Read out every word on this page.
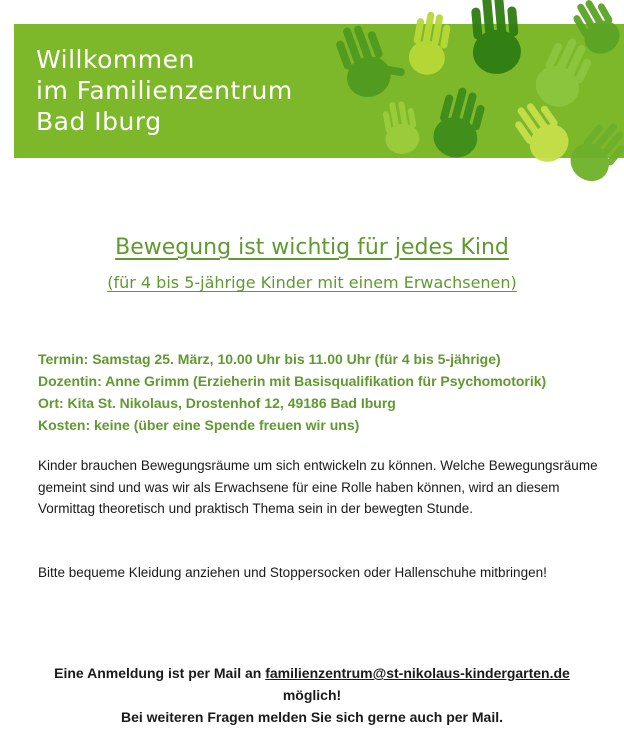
Willkommen
im Familienzentrum
Bad Iburg
Bewegung ist wichtig für jedes Kind
(für 4 bis 5-jährige Kinder mit einem Erwachsenen)
Termin: Samstag 25. März, 10.00 Uhr bis 11.00 Uhr (für 4 bis 5-jährige)
Dozentin: Anne Grimm (Erzieherin mit Basisqualifikation für Psychomotorik)
Ort: Kita St. Nikolaus, Drostenhof 12, 49186 Bad Iburg
Kosten: keine (über eine Spende freuen wir uns)
Kinder brauchen Bewegungsräume um sich entwickeln zu können. Welche Bewegungsräume gemeint sind und was wir als Erwachsene für eine Rolle haben können, wird an diesem Vormittag theoretisch und praktisch Thema sein in der bewegten Stunde.
Bitte bequeme Kleidung anziehen und Stoppersocken oder Hallenschuhe mitbringen!
Eine Anmeldung ist per Mail an familienzentrum@st-nikolaus-kindergarten.de
möglich!
Bei weiteren Fragen melden Sie sich gerne auch per Mail.
